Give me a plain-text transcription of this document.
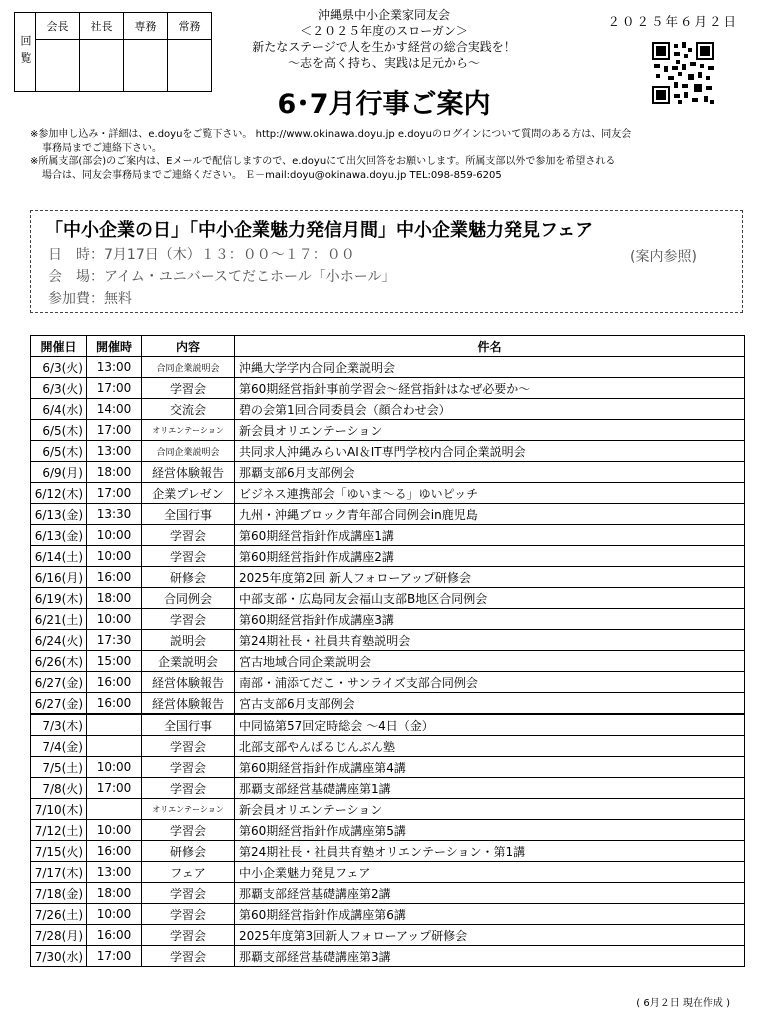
回覧	会長	社長	専務	常務

沖縄県中小企業家同友会
＜２０２５年度のスローガン＞
新たなステージで人を生かす経営の総合実践を！
～志を高く持ち、実践は足元から～
２０２５年６月２日
6･7月行事ご案内
※参加申し込み・詳細は、e.doyuをご覧下さい。 http://www.okinawa.doyu.jp e.doyuのログインについて質問のある方は、同友会
事務局までご連絡下さい。
※所属支部(部会)のご案内は、Eメールで配信しますので、e.doyuにて出欠回答をお願いします。所属支部以外で参加を希望される
場合は、同友会事務局までご連絡ください。 Ｅ－mail:doyu@okinawa.doyu.jp TEL:098-859-6205
「中小企業の日」「中小企業魅力発信月間」中小企業魅力発見フェア
日　時：7月17日（木）１３：００～１７：００	(案内参照)
会　場：アイム・ユニバースてだこホール「小ホール」
参加費：無料
開催日	開催時	内容	件名
6/3(火)	13:00	合同企業説明会	沖縄大学学内合同企業説明会
6/3(火)	17:00	学習会	第60期経営指針事前学習会～経営指針はなぜ必要か～
6/4(水)	14:00	交流会	碧の会第1回合同委員会（顔合わせ会）
6/5(木)	17:00	オリエンテーション	新会員オリエンテーション
6/5(木)	13:00	合同企業説明会	共同求人沖縄みらいAI＆IT専門学校内合同企業説明会
6/9(月)	18:00	経営体験報告	那覇支部6月支部例会
6/12(木)	17:00	企業プレゼン	ビジネス連携部会「ゆいま～る」ゆいピッチ
6/13(金)	13:30	全国行事	九州・沖縄ブロック青年部合同例会in鹿児島
6/13(金)	10:00	学習会	第60期経営指針作成講座1講
6/14(土)	10:00	学習会	第60期経営指針作成講座2講
6/16(月)	16:00	研修会	2025年度第2回 新人フォローアップ研修会
6/19(木)	18:00	合同例会	中部支部・広島同友会福山支部B地区合同例会
6/21(土)	10:00	学習会	第60期経営指針作成講座3講
6/24(火)	17:30	説明会	第24期社長・社員共育塾説明会
6/26(木)	15:00	企業説明会	宮古地域合同企業説明会
6/27(金)	16:00	経営体験報告	南部・浦添てだこ・サンライズ支部合同例会
6/27(金)	16:00	経営体験報告	宮古支部6月支部例会
7/3(木)		全国行事	中同協第57回定時総会 ～4日（金）
7/4(金)		学習会	北部支部やんばるじんぶん塾
7/5(土)	10:00	学習会	第60期経営指針作成講座第4講
7/8(火)	17:00	学習会	那覇支部経営基礎講座第1講
7/10(木)		オリエンテーション	新会員オリエンテーション
7/12(土)	10:00	学習会	第60期経営指針作成講座第5講
7/15(火)	16:00	研修会	第24期社長・社員共育塾オリエンテーション・第1講
7/17(木)	13:00	フェア	中小企業魅力発見フェア
7/18(金)	18:00	学習会	那覇支部経営基礎講座第2講
7/26(土)	10:00	学習会	第60期経営指針作成講座第6講
7/28(月)	16:00	学習会	2025年度第3回新人フォローアップ研修会
7/30(水)	17:00	学習会	那覇支部経営基礎講座第3講
( 6月２日 現在作成 )
